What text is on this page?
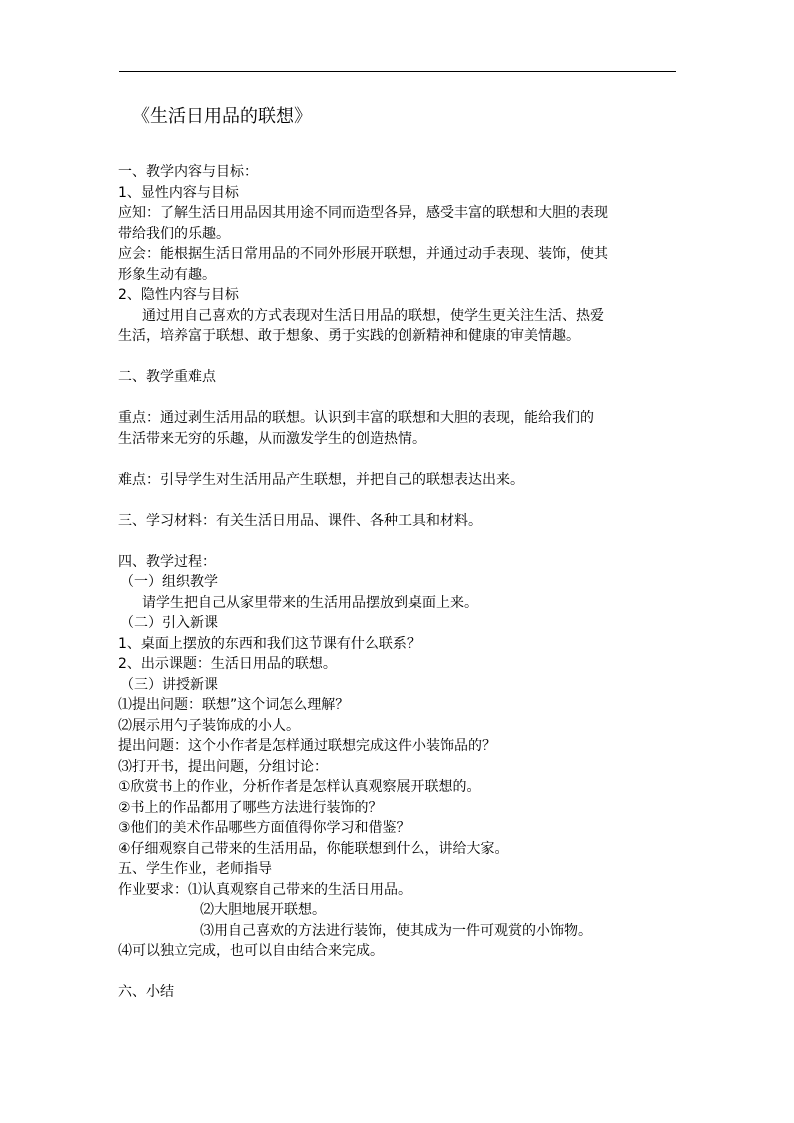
《生活日用品的联想》
一、教学内容与目标：
1、显性内容与目标
应知：了解生活日用品因其用途不同而造型各异，感受丰富的联想和大胆的表现
带给我们的乐趣。
应会：能根据生活日常用品的不同外形展开联想，并通过动手表现、装饰，使其
形象生动有趣。
2、隐性内容与目标
通过用自己喜欢的方式表现对生活日用品的联想，使学生更关注生活、热爱
生活，培养富于联想、敢于想象、勇于实践的创新精神和健康的审美情趣。
二、教学重难点
重点：通过剥生活用品的联想。认识到丰富的联想和大胆的表现，能给我们的
生活带来无穷的乐趣，从而激发学生的创造热情。
难点：引导学生对生活用品产生联想，并把自己的联想表达出来。
三、学习材料：有关生活日用品、课件、各种工具和材料。
四、教学过程：
（一）组织教学
请学生把自己从家里带来的生活用品摆放到桌面上来。
（二）引入新课
1、桌面上摆放的东西和我们这节课有什么联系？
2、出示课题：生活日用品的联想。
（三）讲授新课
⑴提出问题：联想”这个词怎么理解？
⑵展示用勺子装饰成的小人。
提出问题：这个小作者是怎样通过联想完成这件小装饰品的？
⑶打开书，提出问题，分组讨论：
①欣赏书上的作业，分析作者是怎样认真观察展开联想的。
②书上的作品都用了哪些方法进行装饰的？
③他们的美术作品哪些方面值得你学习和借鉴？
④仔细观察自己带来的生活用品，你能联想到什么，讲给大家。
五、学生作业，老师指导
作业要求：⑴认真观察自己带来的生活日用品。
⑵大胆地展开联想。
⑶用自己喜欢的方法进行装饰，使其成为一件可观赏的小饰物。
⑷可以独立完成，也可以自由结合来完成。
六、小结
